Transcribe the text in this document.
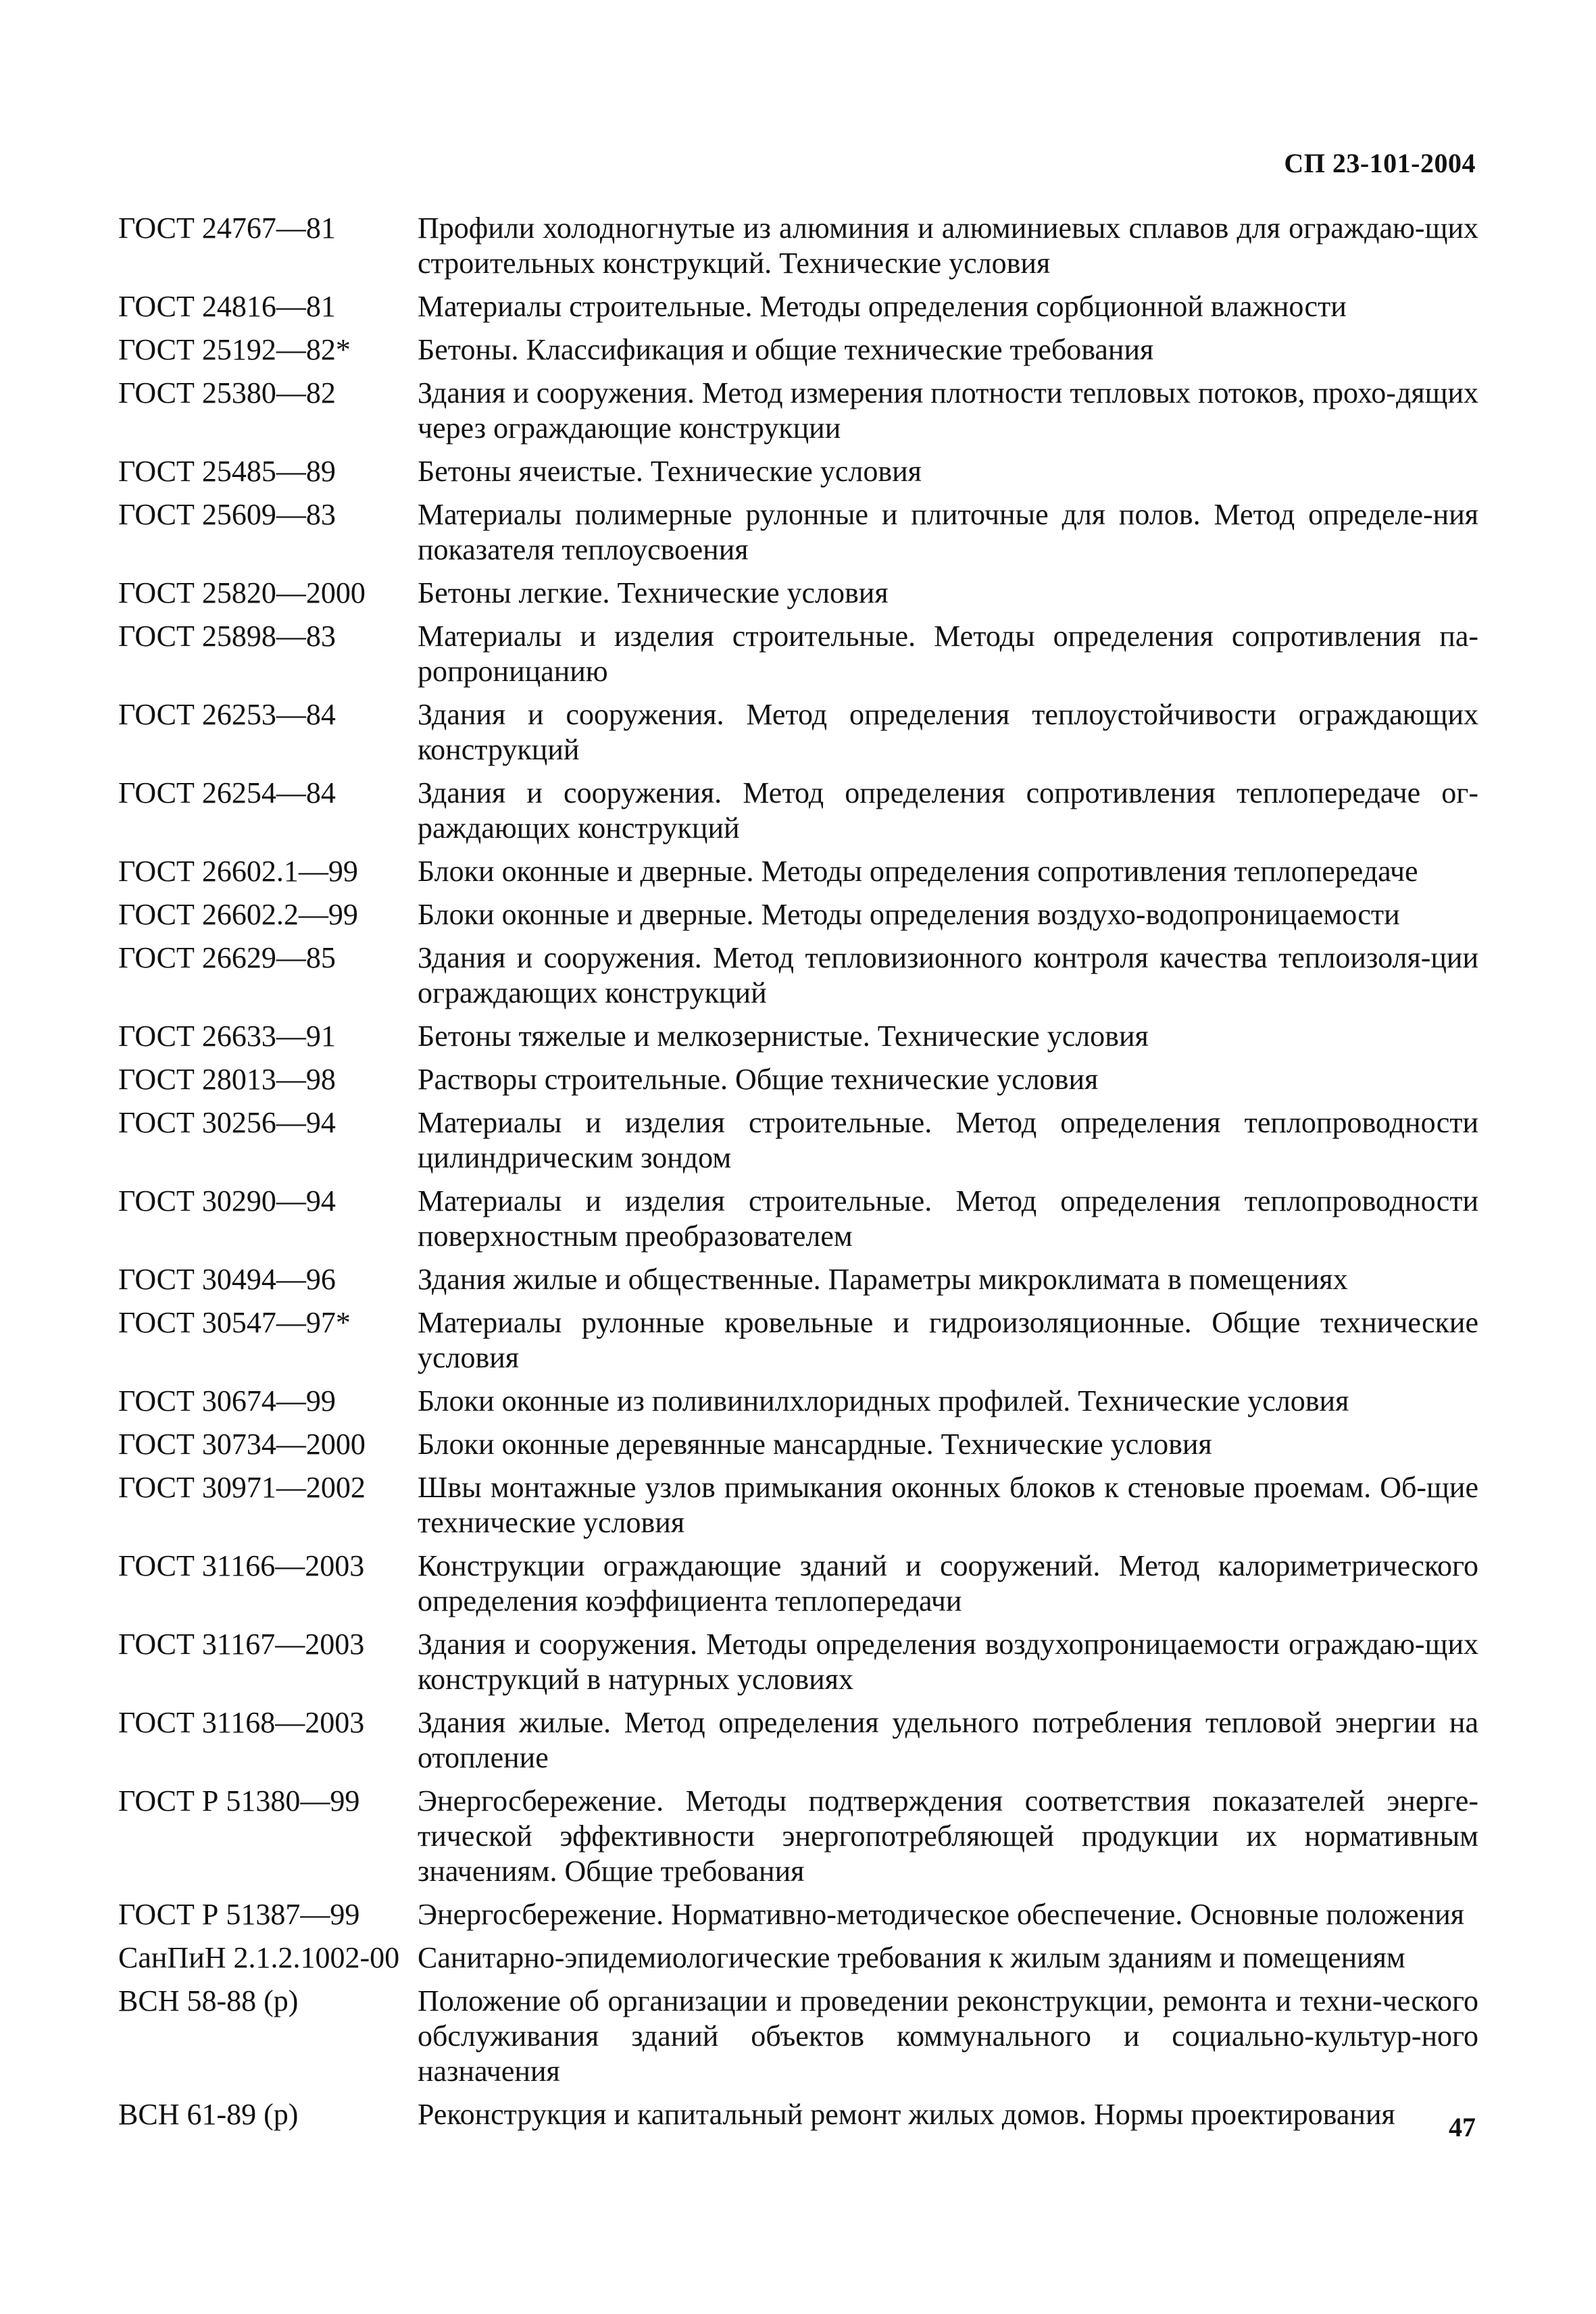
СП 23-101-2004
ГОСТ 24767—81	Профили холодногнутые из алюминия и алюминиевых сплавов для ограждаю-щих строительных конструкций. Технические условия
ГОСТ 24816—81	Материалы строительные. Методы определения сорбционной влажности
ГОСТ 25192—82*	Бетоны. Классификация и общие технические требования
ГОСТ 25380—82	Здания и сооружения. Метод измерения плотности тепловых потоков, прохо-дящих через ограждающие конструкции
ГОСТ 25485—89	Бетоны ячеистые. Технические условия
ГОСТ 25609—83	Материалы полимерные рулонные и плиточные для полов. Метод определе-ния показателя теплоусвоения
ГОСТ 25820—2000	Бетоны легкие. Технические условия
ГОСТ 25898—83	Материалы и изделия строительные. Методы определения сопротивления па-ропроницанию
ГОСТ 26253—84	Здания и сооружения. Метод определения теплоустойчивости ограждающих конструкций
ГОСТ 26254—84	Здания и сооружения. Метод определения сопротивления теплопередаче ог-раждающих конструкций
ГОСТ 26602.1—99	Блоки оконные и дверные. Методы определения сопротивления теплопередаче
ГОСТ 26602.2—99	Блоки оконные и дверные. Методы определения воздухо-водопроницаемости
ГОСТ 26629—85	Здания и сооружения. Метод тепловизионного контроля качества теплоизоля-ции ограждающих конструкций
ГОСТ 26633—91	Бетоны тяжелые и мелкозернистые. Технические условия
ГОСТ 28013—98	Растворы строительные. Общие технические условия
ГОСТ 30256—94	Материалы и изделия строительные. Метод определения теплопроводности цилиндрическим зондом
ГОСТ 30290—94	Материалы и изделия строительные. Метод определения теплопроводности поверхностным преобразователем
ГОСТ 30494—96	Здания жилые и общественные. Параметры микроклимата в помещениях
ГОСТ 30547—97*	Материалы рулонные кровельные и гидроизоляционные. Общие технические условия
ГОСТ 30674—99	Блоки оконные из поливинилхлоридных профилей. Технические условия
ГОСТ 30734—2000	Блоки оконные деревянные мансардные. Технические условия
ГОСТ 30971—2002	Швы монтажные узлов примыкания оконных блоков к стеновые проемам. Об-щие технические условия
ГОСТ 31166—2003	Конструкции ограждающие зданий и сооружений. Метод калориметрического определения коэффициента теплопередачи
ГОСТ 31167—2003	Здания и сооружения. Методы определения воздухопроницаемости ограждаю-щих конструкций в натурных условиях
ГОСТ 31168—2003	Здания жилые. Метод определения удельного потребления тепловой энергии на отопление
ГОСТ Р 51380—99	Энергосбережение. Методы подтверждения соответствия показателей энерге-тической эффективности энергопотребляющей продукции их нормативным значениям. Общие требования
ГОСТ Р 51387—99	Энергосбережение. Нормативно-методическое обеспечение. Основные положения
СанПиН 2.1.2.1002-00 Санитарно-эпидемиологические требования к жилым зданиям и помещениям
ВСН 58-88 (р)	Положение об организации и проведении реконструкции, ремонта и техни-ческого обслуживания зданий объектов коммунального и социально-культур-ного назначения
ВСН 61-89 (р)	Реконструкция и капитальный ремонт жилых домов. Нормы проектирования	47
